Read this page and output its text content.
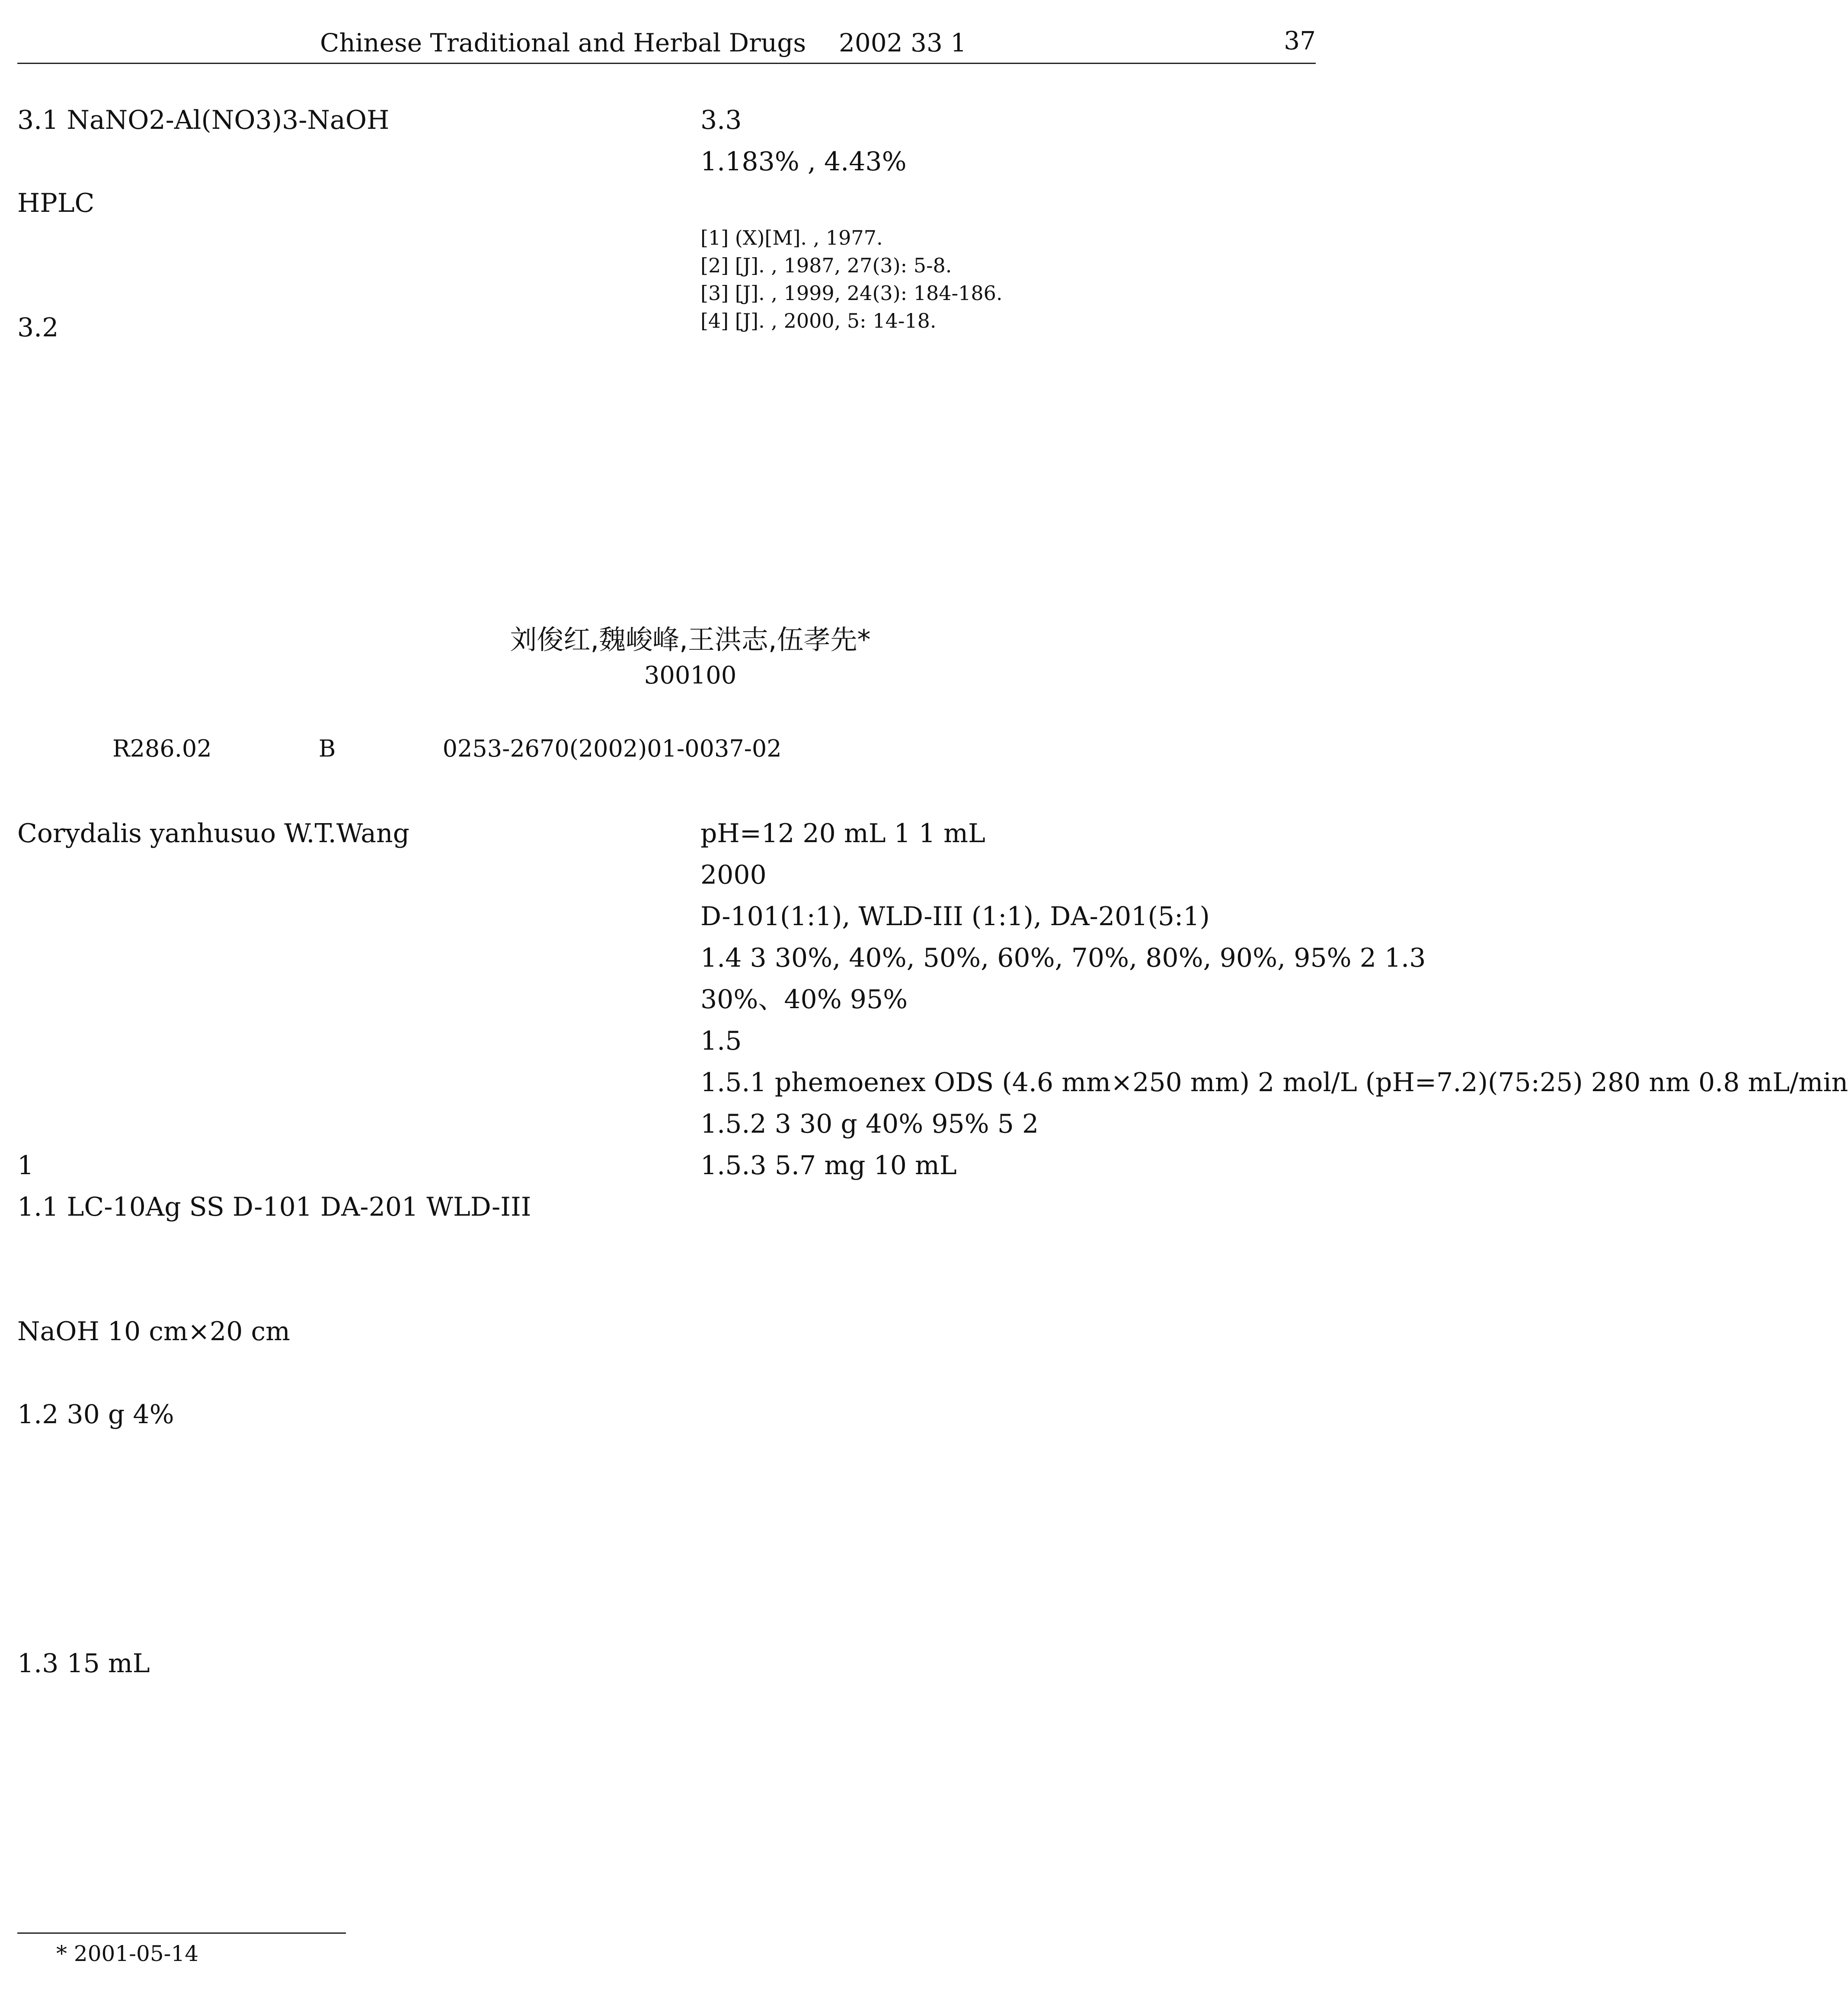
Chinese Traditional and Herbal Drugs 2002 33 1	37

3.1 NaNO2-Al(NO3)3-NaOH

HPLC

3.2

3.3

1.183% , 4.43%

[1] (X)[M]. , 1977.

[2] [J]. , 1987, 27(3): 5-8.

[3] [J]. , 1999, 24(3): 184-186.

[4] [J]. , 2000, 5: 14-18.

刘俊红,魏峻峰,王洪志,伍孝先*
300100
R286.02	B	0253-2670(2002)01-0037-02

Corydalis yanhusuo W.T.Wang

1

1.1 LC-10Ag SS D-101 DA-201 WLD-III

NaOH 10 cm×20 cm

1.2 30 g 4%

1.3 15 mL

pH=12 20 mL 1 1 mL

2000

D-101(1:1), WLD-III (1:1), DA-201(5:1)

1.4 3 30%, 40%, 50%, 60%, 70%, 80%, 90%, 95% 2 1.3

30%、40% 95%

1.5

1.5.1 phemoenex ODS (4.6 mm×250 mm) 2 mol/L (pH=7.2)(75:25) 280 nm 0.8 mL/min

1.5.2 3 30 g 40% 95% 5 2

1.5.3 5.7 mg 10 mL

* 2001-05-14
